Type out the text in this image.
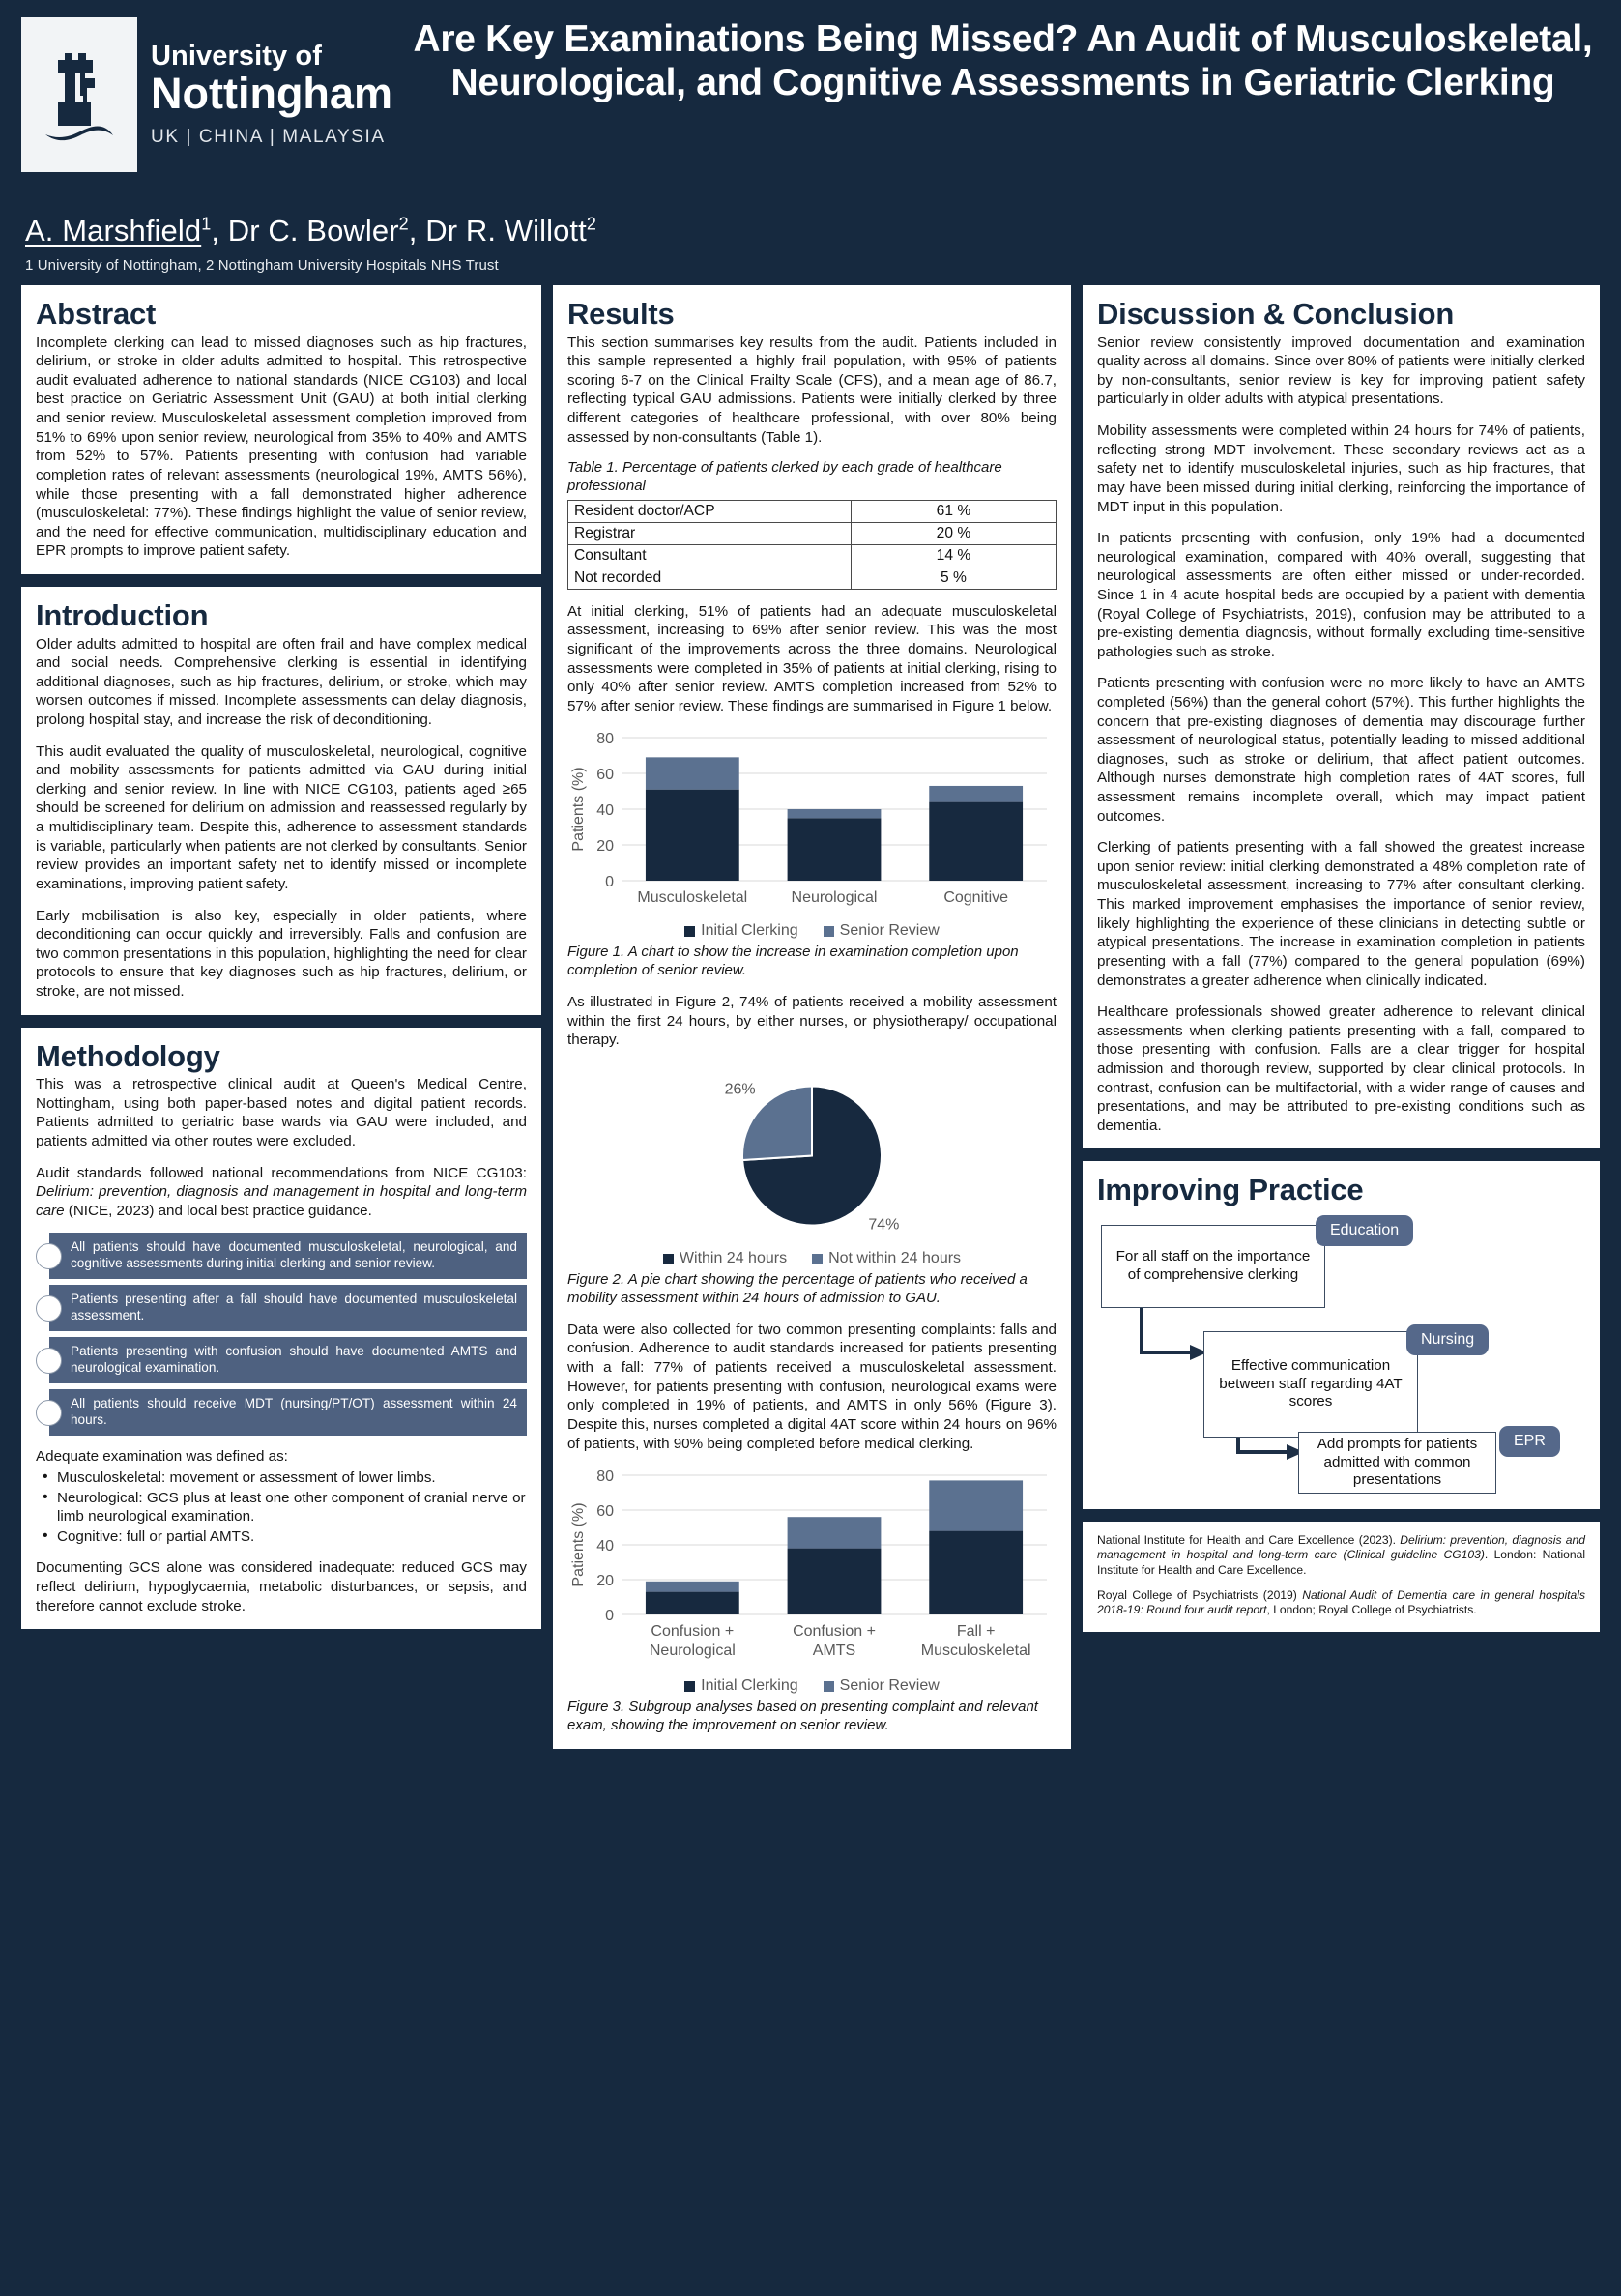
University of
Nottingham
UK | CHINA | MALAYSIA
Are Key Examinations Being Missed? An Audit of Musculoskeletal, Neurological, and Cognitive Assessments in Geriatric Clerking
A. Marshfield$^1$, Dr C. Bowler$^2$, Dr R. Willott$^2$
1 University of Nottingham, 2 Nottingham University Hospitals NHS Trust
Abstract

Incomplete clerking can lead to missed diagnoses such as hip fractures, delirium, or stroke in older adults admitted to hospital. This retrospective audit evaluated adherence to national standards (NICE CG103) and local best practice on Geriatric Assessment Unit (GAU) at both initial clerking and senior review. Musculoskeletal assessment completion improved from 51% to 69% upon senior review, neurological from 35% to 40% and AMTS from 52% to 57%. Patients presenting with confusion had variable completion rates of relevant assessments (neurological 19%, AMTS 56%), while those presenting with a fall demonstrated higher adherence (musculoskeletal: 77%). These findings highlight the value of senior review, and the need for effective communication, multidisciplinary education and EPR prompts to improve patient safety.

Introduction

Older adults admitted to hospital are often frail and have complex medical and social needs. Comprehensive clerking is essential in identifying additional diagnoses, such as hip fractures, delirium, or stroke, which may worsen outcomes if missed. Incomplete assessments can delay diagnosis, prolong hospital stay, and increase the risk of deconditioning.

This audit evaluated the quality of musculoskeletal, neurological, cognitive and mobility assessments for patients admitted via GAU during initial clerking and senior review. In line with NICE CG103, patients aged ≥65 should be screened for delirium on admission and reassessed regularly by a multidisciplinary team. Despite this, adherence to assessment standards is variable, particularly when patients are not clerked by consultants. Senior review provides an important safety net to identify missed or incomplete examinations, improving patient safety.

Early mobilisation is also key, especially in older patients, where deconditioning can occur quickly and irreversibly. Falls and confusion are two common presentations in this population, highlighting the need for clear protocols to ensure that key diagnoses such as hip fractures, delirium, or stroke, are not missed.

Methodology

This was a retrospective clinical audit at Queen's Medical Centre, Nottingham, using both paper-based notes and digital patient records. Patients admitted to geriatric base wards via GAU were included, and patients admitted via other routes were excluded.

Audit standards followed national recommendations from NICE CG103: Delirium: prevention, diagnosis and management in hospital and long-term care (NICE, 2023) and local best practice guidance.

All patients should have documented musculoskeletal, neurological, and cognitive assessments during initial clerking and senior review.
Patients presenting after a fall should have documented musculoskeletal assessment.
Patients presenting with confusion should have documented AMTS and neurological examination.
All patients should receive MDT (nursing/PT/OT) assessment within 24 hours.

Adequate examination was defined as:

• Musculoskeletal: movement or assessment of lower limbs.
• Neurological: GCS plus at least one other component of cranial nerve or limb neurological examination.
• Cognitive: full or partial AMTS.

Documenting GCS alone was considered inadequate: reduced GCS may reflect delirium, hypoglycaemia, metabolic disturbances, or sepsis, and therefore cannot exclude stroke.

Results

This section summarises key results from the audit. Patients included in this sample represented a highly frail population, with 95% of patients scoring 6-7 on the Clinical Frailty Scale (CFS), and a mean age of 86.7, reflecting typical GAU admissions. Patients were initially clerked by three different categories of healthcare professional, with over 80% being assessed by non-consultants (Table 1).

Table 1. Percentage of patients clerked by each grade of healthcare professional
Resident doctor/ACP	61 %
Registrar	20 %
Consultant	14 %
Not recorded	5 %

At initial clerking, 51% of patients had an adequate musculoskeletal assessment, increasing to 69% after senior review. This was the most significant of the improvements across the three domains. Neurological assessments were completed in 35% of patients at initial clerking, rising to only 40% after senior review. AMTS completion increased from 52% to 57% after senior review. These findings are summarised in Figure 1 below.

0
20
40
60
80
Musculoskeletal	Neurological	Cognitive
Patients (%)
Initial Clerking	Senior Review
Figure 1. A chart to show the increase in examination completion upon completion of senior review.

As illustrated in Figure 2, 74% of patients received a mobility assessment within the first 24 hours, by either nurses, or physiotherapy/ occupational therapy.

74%
26%
Within 24 hours	Not within 24 hours
Figure 2. A pie chart showing the percentage of patients who received a mobility assessment within 24 hours of admission to GAU.

Data were also collected for two common presenting complaints: falls and confusion. Adherence to audit standards increased for patients presenting with a fall: 77% of patients received a musculoskeletal assessment. However, for patients presenting with confusion, neurological exams were only completed in 19% of patients, and AMTS in only 56% (Figure 3). Despite this, nurses completed a digital 4AT score within 24 hours on 96% of patients, with 90% being completed before medical clerking.

0
20
40
60
80
Confusion +
Neurological
Confusion +
AMTS
Fall +
Musculoskeletal
Patients (%)
Initial Clerking	Senior Review
Figure 3. Subgroup analyses based on presenting complaint and relevant exam, showing the improvement on senior review.
Discussion & Conclusion

Senior review consistently improved documentation and examination quality across all domains. Since over 80% of patients were initially clerked by non-consultants, senior review is key for improving patient safety particularly in older adults with atypical presentations.

Mobility assessments were completed within 24 hours for 74% of patients, reflecting strong MDT involvement. These secondary reviews act as a safety net to identify musculoskeletal injuries, such as hip fractures, that may have been missed during initial clerking, reinforcing the importance of MDT input in this population.

In patients presenting with confusion, only 19% had a documented neurological examination, compared with 40% overall, suggesting that neurological assessments are often either missed or under-recorded. Since 1 in 4 acute hospital beds are occupied by a patient with dementia (Royal College of Psychiatrists, 2019), confusion may be attributed to a pre-existing dementia diagnosis, without formally excluding time-sensitive pathologies such as stroke.

Patients presenting with confusion were no more likely to have an AMTS completed (56%) than the general cohort (57%). This further highlights the concern that pre-existing diagnoses of dementia may discourage further assessment of neurological status, potentially leading to missed additional diagnoses, such as stroke or delirium, that affect patient outcomes. Although nurses demonstrate high completion rates of 4AT scores, full assessment remains incomplete overall, which may impact patient outcomes.

Clerking of patients presenting with a fall showed the greatest increase upon senior review: initial clerking demonstrated a 48% completion rate of musculoskeletal assessment, increasing to 77% after consultant clerking. This marked improvement emphasises the importance of senior review, likely highlighting the experience of these clinicians in detecting subtle or atypical presentations. The increase in examination completion in patients presenting with a fall (77%) compared to the general population (69%) demonstrates a greater adherence when clinically indicated.

Healthcare professionals showed greater adherence to relevant clinical assessments when clerking patients presenting with a fall, compared to those presenting with confusion. Falls are a clear trigger for hospital admission and thorough review, supported by clear clinical protocols. In contrast, confusion can be multifactorial, with a wider range of causes and presentations, and may be attributed to pre-existing conditions such as dementia.

Improving Practice
For all staff on the importance of comprehensive clerking
Education
Effective communication between staff regarding 4AT scores
Nursing
Add prompts for patients admitted with common presentations
EPR

National Institute for Health and Care Excellence (2023). Delirium: prevention, diagnosis and management in hospital and long-term care (Clinical guideline CG103). London: National Institute for Health and Care Excellence.

Royal College of Psychiatrists (2019) National Audit of Dementia care in general hospitals 2018-19: Round four audit report, London; Royal College of Psychiatrists.
